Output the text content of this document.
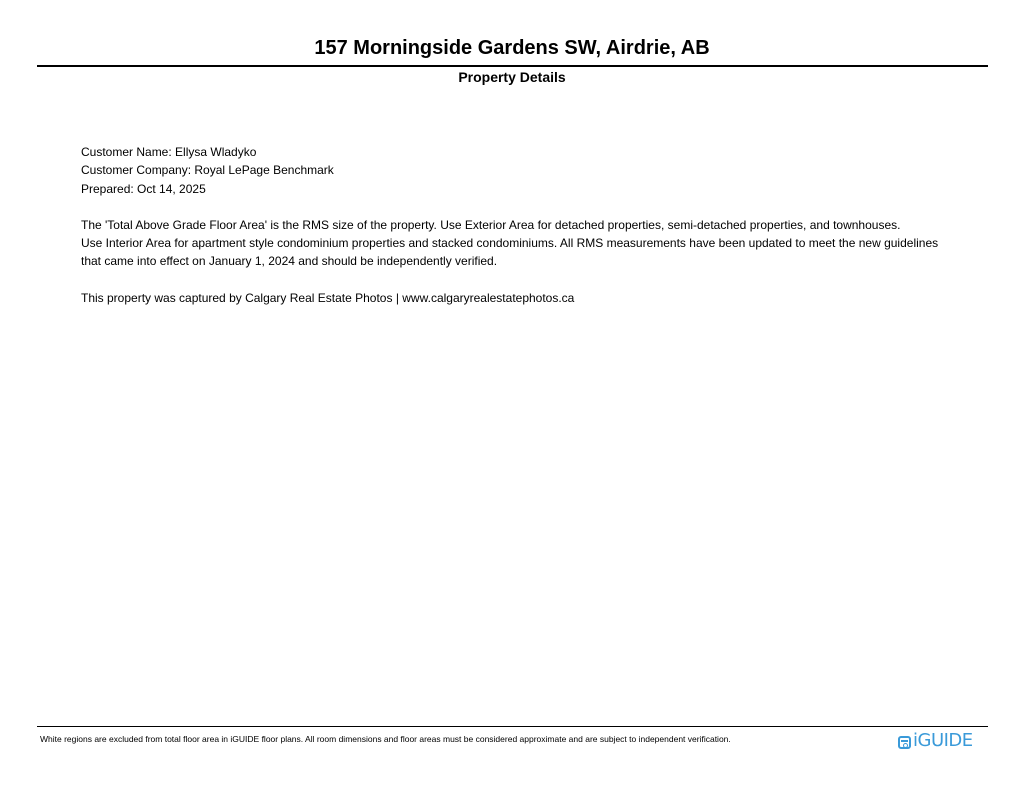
157 Morningside Gardens SW, Airdrie, AB
Property Details

Customer Name: Ellysa Wladyko

Customer Company: Royal LePage Benchmark

Prepared: Oct 14, 2025

The 'Total Above Grade Floor Area' is the RMS size of the property. Use Exterior Area for detached properties, semi-detached properties, and townhouses.

Use Interior Area for apartment style condominium properties and stacked condominiums. All RMS measurements have been updated to meet the new guidelines

that came into effect on January 1, 2024 and should be independently verified.

This property was captured by Calgary Real Estate Photos | www.calgaryrealestatephotos.ca

White regions are excluded from total floor area in iGUIDE floor plans. All room dimensions and floor areas must be considered approximate and are subject to independent verification.	iGUIDE
